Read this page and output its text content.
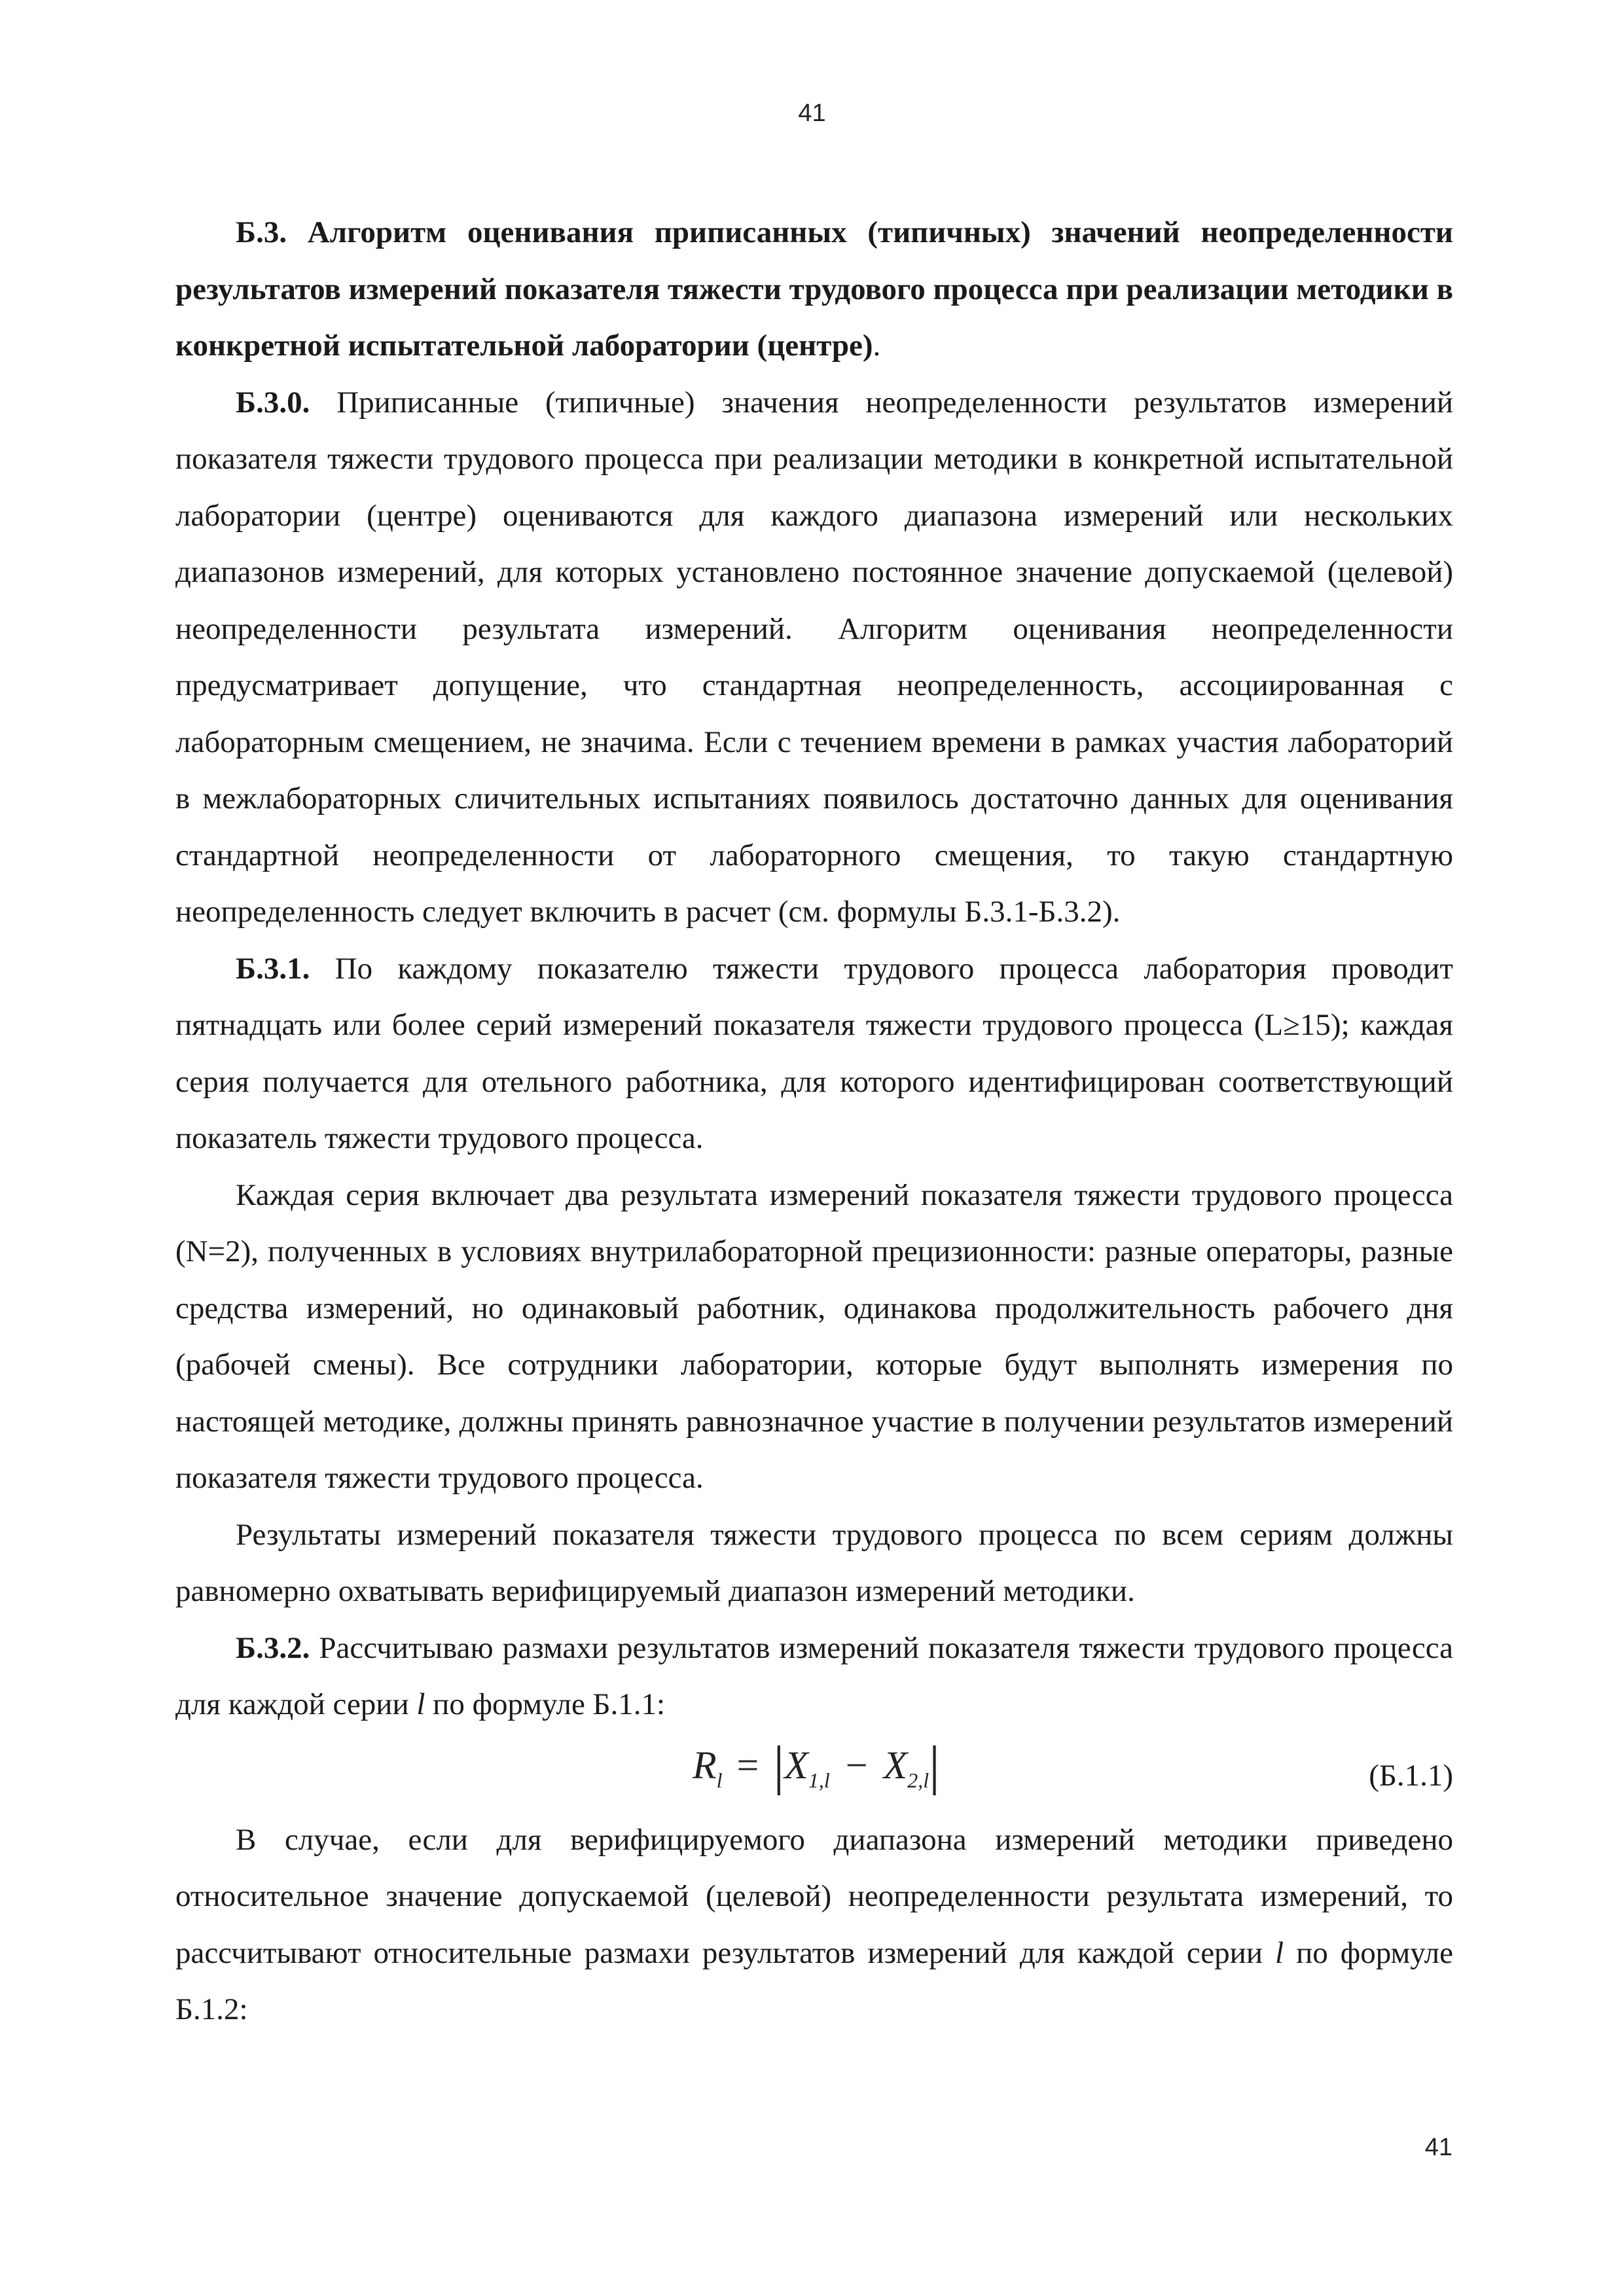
41

Б.3. Алгоритм оценивания приписанных (типичных) значений неопределенности результатов измерений показателя тяжести трудового процесса при реализации методики в конкретной испытательной лаборатории (центре).

Б.3.0. Приписанные (типичные) значения неопределенности результатов измерений показателя тяжести трудового процесса при реализации методики в конкретной испытательной лаборатории (центре) оцениваются для каждого диапазона измерений или нескольких диапазонов измерений, для которых установлено постоянное значение допускаемой (целевой) неопределенности результата измерений. Алгоритм оценивания неопределенности предусматривает допущение, что стандартная неопределенность, ассоциированная с лабораторным смещением, не значима. Если с течением времени в рамках участия лабораторий в межлабораторных сличительных испытаниях появилось достаточно данных для оценивания стандартной неопределенности от лабораторного смещения, то такую стандартную неопределенность следует включить в расчет (см. формулы Б.3.1-Б.3.2).

Б.3.1. По каждому показателю тяжести трудового процесса лаборатория проводит пятнадцать или более серий измерений показателя тяжести трудового процесса (L≥15); каждая серия получается для отельного работника, для которого идентифицирован соответствующий показатель тяжести трудового процесса.

Каждая серия включает два результата измерений показателя тяжести трудового процесса (N=2), полученных в условиях внутрилабораторной прецизионности: разные операторы, разные средства измерений, но одинаковый работник, одинакова продолжительность рабочего дня (рабочей смены). Все сотрудники лаборатории, которые будут выполнять измерения по настоящей методике, должны принять равнозначное участие в получении результатов измерений показателя тяжести трудового процесса.

Результаты измерений показателя тяжести трудового процесса по всем сериям должны равномерно охватывать верифицируемый диапазон измерений методики.

Б.3.2. Рассчитываю размахи результатов измерений показателя тяжести трудового процесса для каждой серии l по формуле Б.1.1:

$R_l = |X_{1,l} - X_{2,l}|$	(Б.1.1)

В случае, если для верифицируемого диапазона измерений методики приведено относительное значение допускаемой (целевой) неопределенности результата измерений, то рассчитывают относительные размахи результатов измерений для каждой серии l по формуле Б.1.2:

41
